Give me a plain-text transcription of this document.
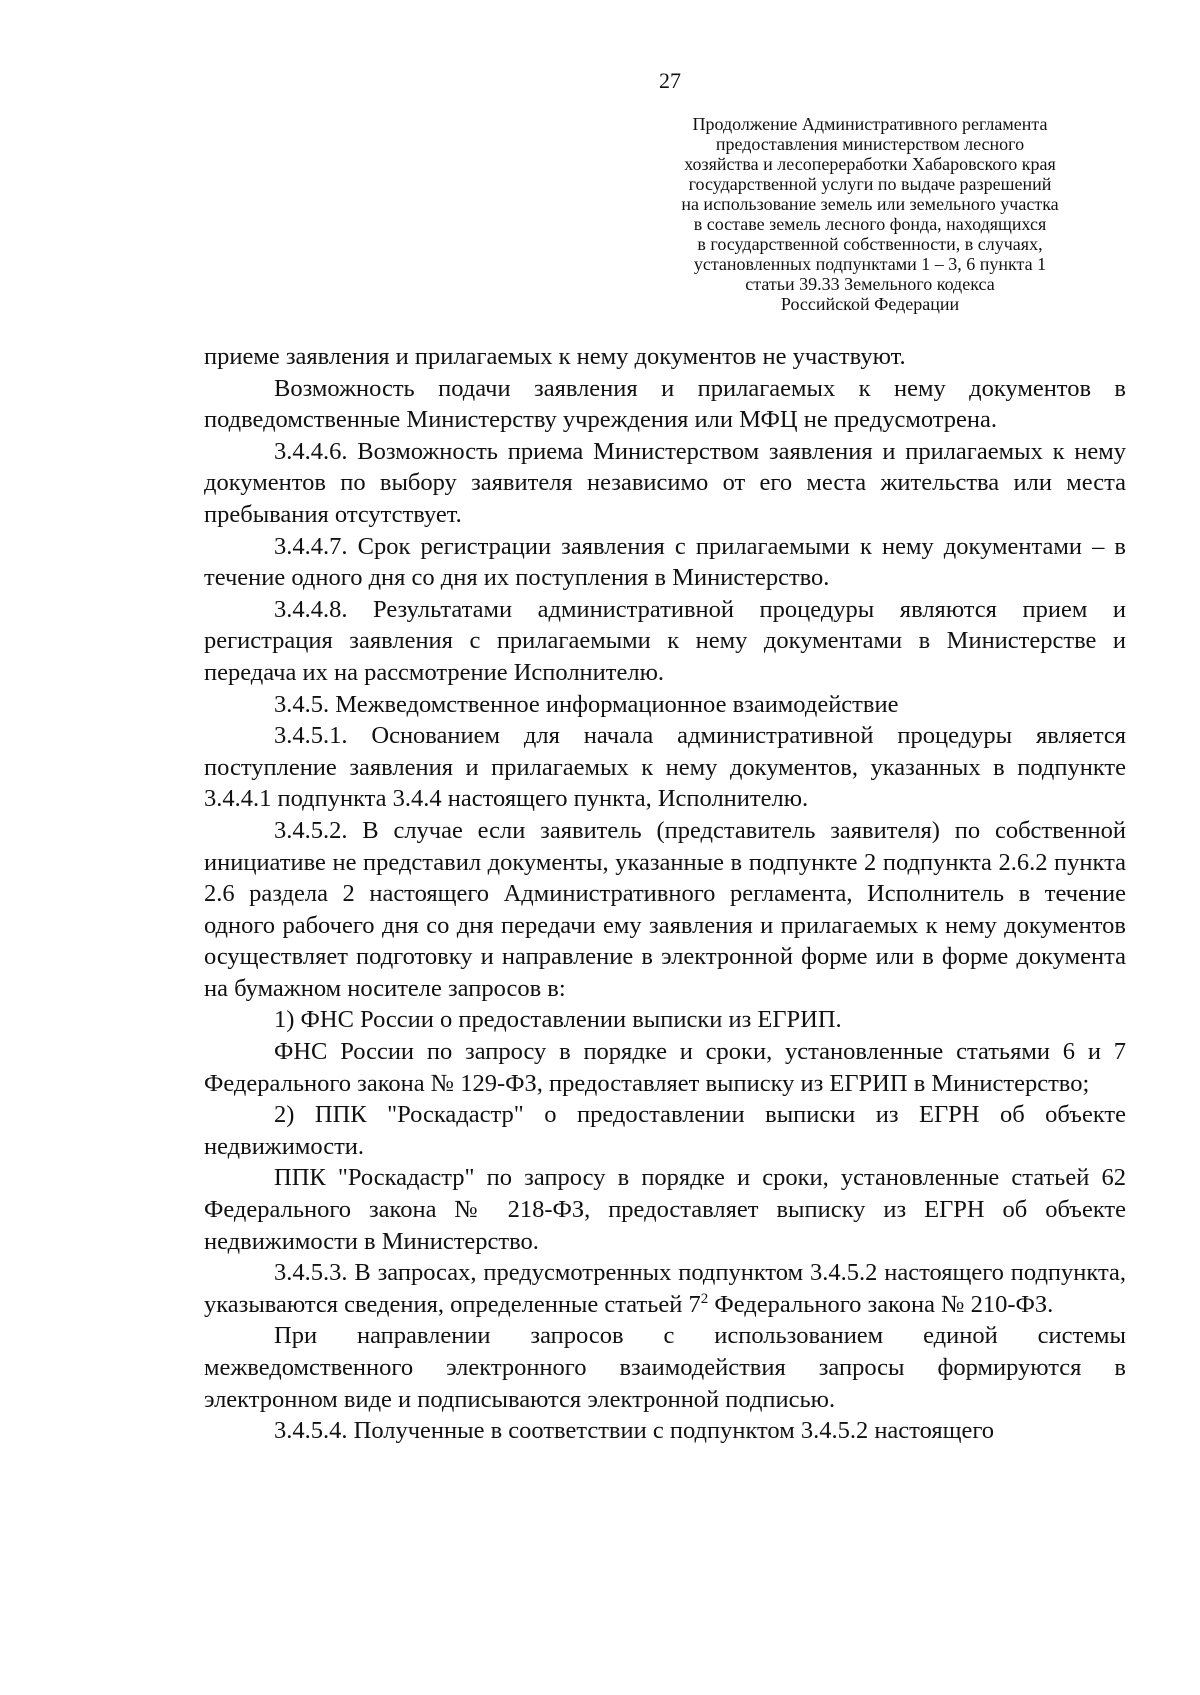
27
Продолжение Административного регламента
предоставления министерством лесного
хозяйства и лесопереработки Хабаровского края
государственной услуги по выдаче разрешений
на использование земель или земельного участка
в составе земель лесного фонда, находящихся
в государственной собственности, в случаях,
установленных подпунктами 1 – 3, 6 пункта 1
статьи 39.33 Земельного кодекса
Российской Федерации

приеме заявления и прилагаемых к нему документов не участвуют.

Возможность подачи заявления и прилагаемых к нему документов в подведомственные Министерству учреждения или МФЦ не предусмотрена.

3.4.4.6. Возможность приема Министерством заявления и прилагаемых к нему документов по выбору заявителя независимо от его места жительства или места пребывания отсутствует.

3.4.4.7. Срок регистрации заявления с прилагаемыми к нему документами – в течение одного дня со дня их поступления в Министерство.

3.4.4.8. Результатами административной процедуры являются прием и регистрация заявления с прилагаемыми к нему документами в Министерстве и передача их на рассмотрение Исполнителю.

3.4.5. Межведомственное информационное взаимодействие

3.4.5.1. Основанием для начала административной процедуры является поступление заявления и прилагаемых к нему документов, указанных в подпункте 3.4.4.1 подпункта 3.4.4 настоящего пункта, Исполнителю.

3.4.5.2. В случае если заявитель (представитель заявителя) по собственной инициативе не представил документы, указанные в подпункте 2 подпункта 2.6.2 пункта 2.6 раздела 2 настоящего Административного регламента, Исполнитель в течение одного рабочего дня со дня передачи ему заявления и прилагаемых к нему документов осуществляет подготовку и направление в электронной форме или в форме документа на бумажном носителе запросов в:

1) ФНС России о предоставлении выписки из ЕГРИП.

ФНС России по запросу в порядке и сроки, установленные статьями 6 и 7 Федерального закона № 129-ФЗ, предоставляет выписку из ЕГРИП в Министерство;

2) ППК "Роскадастр" о предоставлении выписки из ЕГРН об объекте недвижимости.

ППК "Роскадастр" по запросу в порядке и сроки, установленные статьей 62 Федерального закона № 218-ФЗ, предоставляет выписку из ЕГРН об объекте недвижимости в Министерство.

3.4.5.3. В запросах, предусмотренных подпунктом 3.4.5.2 настоящего подпункта, указываются сведения, определенные статьей $7^2$ Федерального закона № 210-ФЗ.

При направлении запросов с использованием единой системы межведомственного электронного взаимодействия запросы формируются в электронном виде и подписываются электронной подписью.

3.4.5.4. Полученные в соответствии с подпунктом 3.4.5.2 настоящего
